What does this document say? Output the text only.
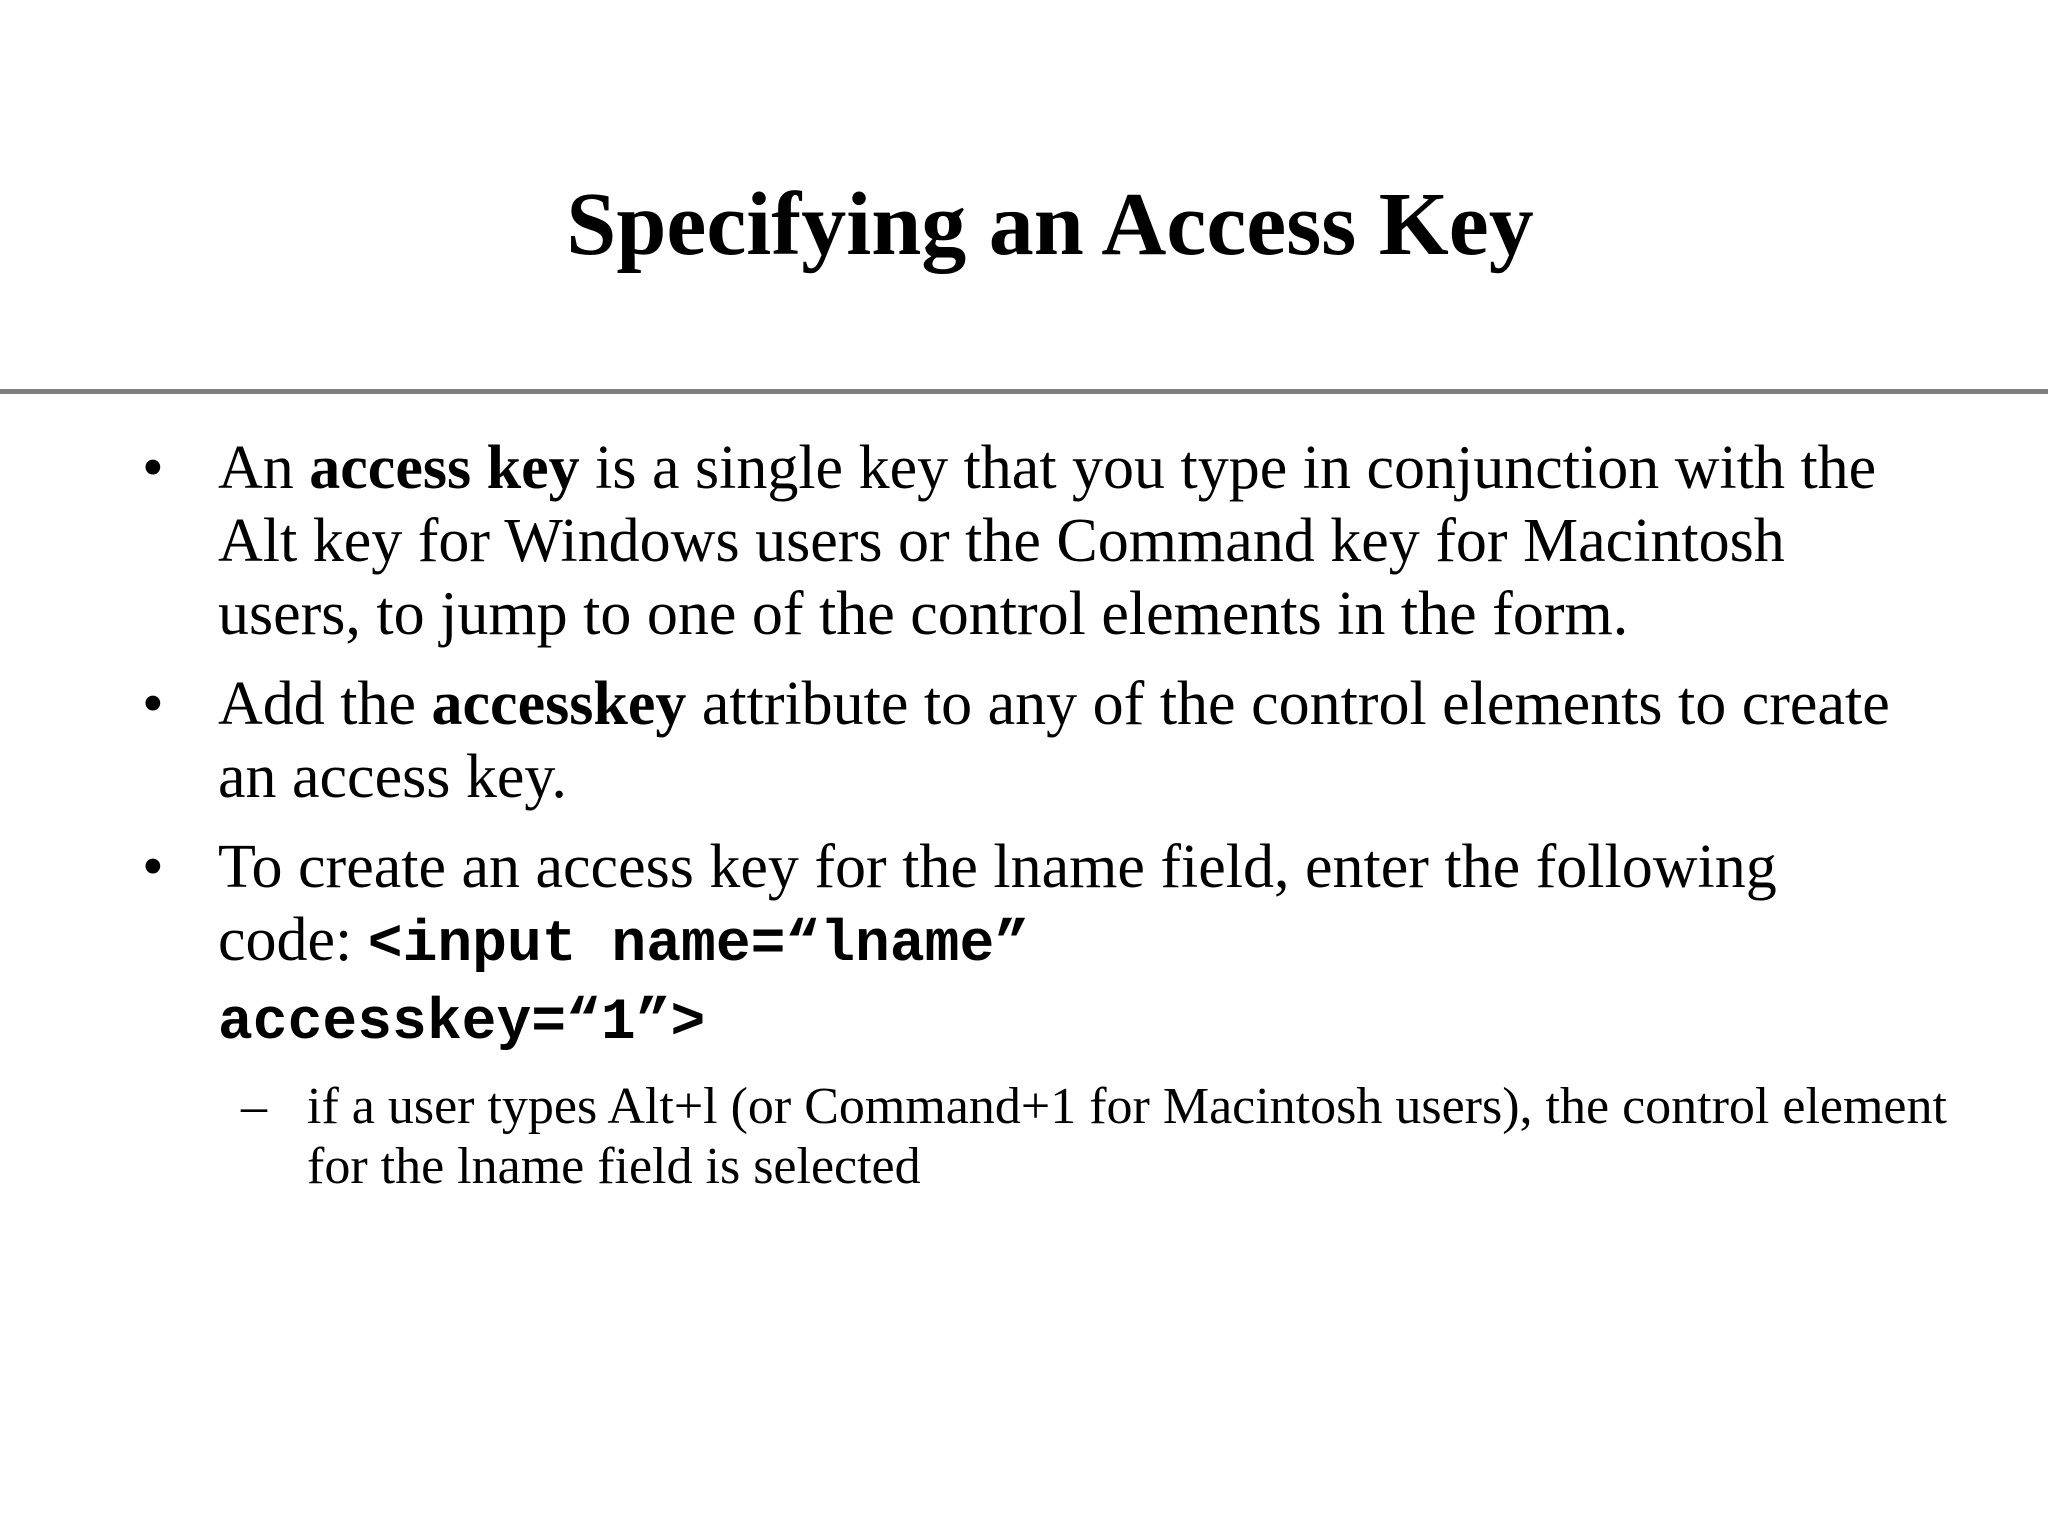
Specifying an Access Key
• An access key is a single key that you type in conjunction with the Alt key for Windows users or the Command key for Macintosh users, to jump to one of the control elements in the form.
• Add the accesskey attribute to any of the control elements to create an access key.
• To create an access key for the lname field, enter the following code: <input name=“lname”
accesskey=“1”>
– if a user types Alt+l (or Command+1 for Macintosh users), the control element for the lname field is selected
